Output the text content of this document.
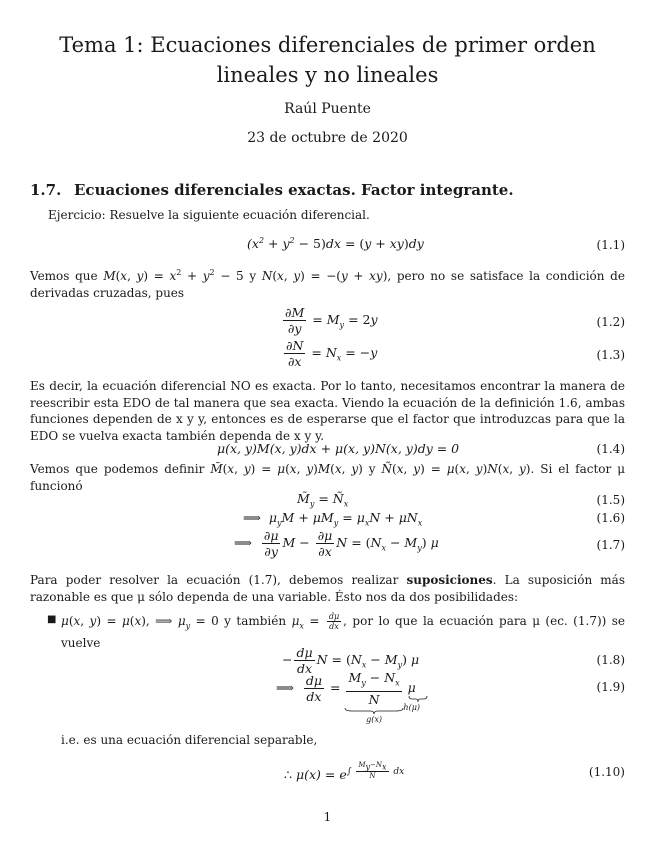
Tema 1: Ecuaciones diferenciales de primer orden lineales y no lineales
Raúl Puente
23 de octubre de 2020
1.7. Ecuaciones diferenciales exactas. Factor integrante.
Ejercicio: Resuelve la siguiente ecuación diferencial.
$(x^2 + y^2 - 5)dx = (y + xy)dy$	(1.1)
Vemos que M(x, $y) = x^2 + y^2 - 5$ y N(x, y) = −(y + xy), pero no se satisface la condición de derivadas cruzadas, pues
$\frac{\partial M}{\partial y} = M_y = 2y$	(1.2)
$\frac{\partial N}{\partial x} = N_x = -y$	(1.3)
Es decir, la ecuación diferencial NO es exacta. Por lo tanto, necesitamos encontrar la manera de reescribir esta EDO de tal manera que sea exacta. Viendo la ecuación de la definición 1.6, ambas funciones dependen de x y y, entonces es de esperarse que el factor que introduzcas para que la EDO se vuelva exacta también dependa de x y y.
μ(x, y)M(x, y)dx + μ(x, y)N(x, y)dy = 0	(1.4)
Vemos que podemos definir M̃(x, y) = μ(x, y)M(x, y) y Ñ(x, y) = μ(x, y)N(x, y). Si el factor μ funcionó
$M̃_y$ = $Ñ_x$	(1.5)
⟹ $\mu_yM + \mu M_y = \mu_xN + \mu N_x$	(1.6)
⟹ $\frac{\partial\mu}{\partial y}$ $M - \frac{\partial\mu}{\partial x}$ $N = (N_x - M_y)$ μ	(1.7)
Para poder resolver la ecuación (1.7), debemos realizar suposiciones. La suposición más razonable es que μ sólo dependa de una variable. Ésto nos da dos posibilidades:
■ μ(x, y) = μ(x), ⟹ $\mu_y = 0$ y también $\mu_x = \frac{d\mu}{dx}$ , por lo que la ecuación para μ (ec. (1.7)) se vuelve
− $\frac{d\mu}{dx}$ $N = (N_x - M_y)$ μ	(1.8)
⟹ $\frac{d\mu}{dx} = \frac{M_y - N_x}{N}$
g(x)
μ
h(μ)
(1.9)
i.e. es una ecuación diferencial separable,
∴ $\mu(x) = e^{\int \frac{M_y-N_x}{N} dx}$	(1.10)
1
